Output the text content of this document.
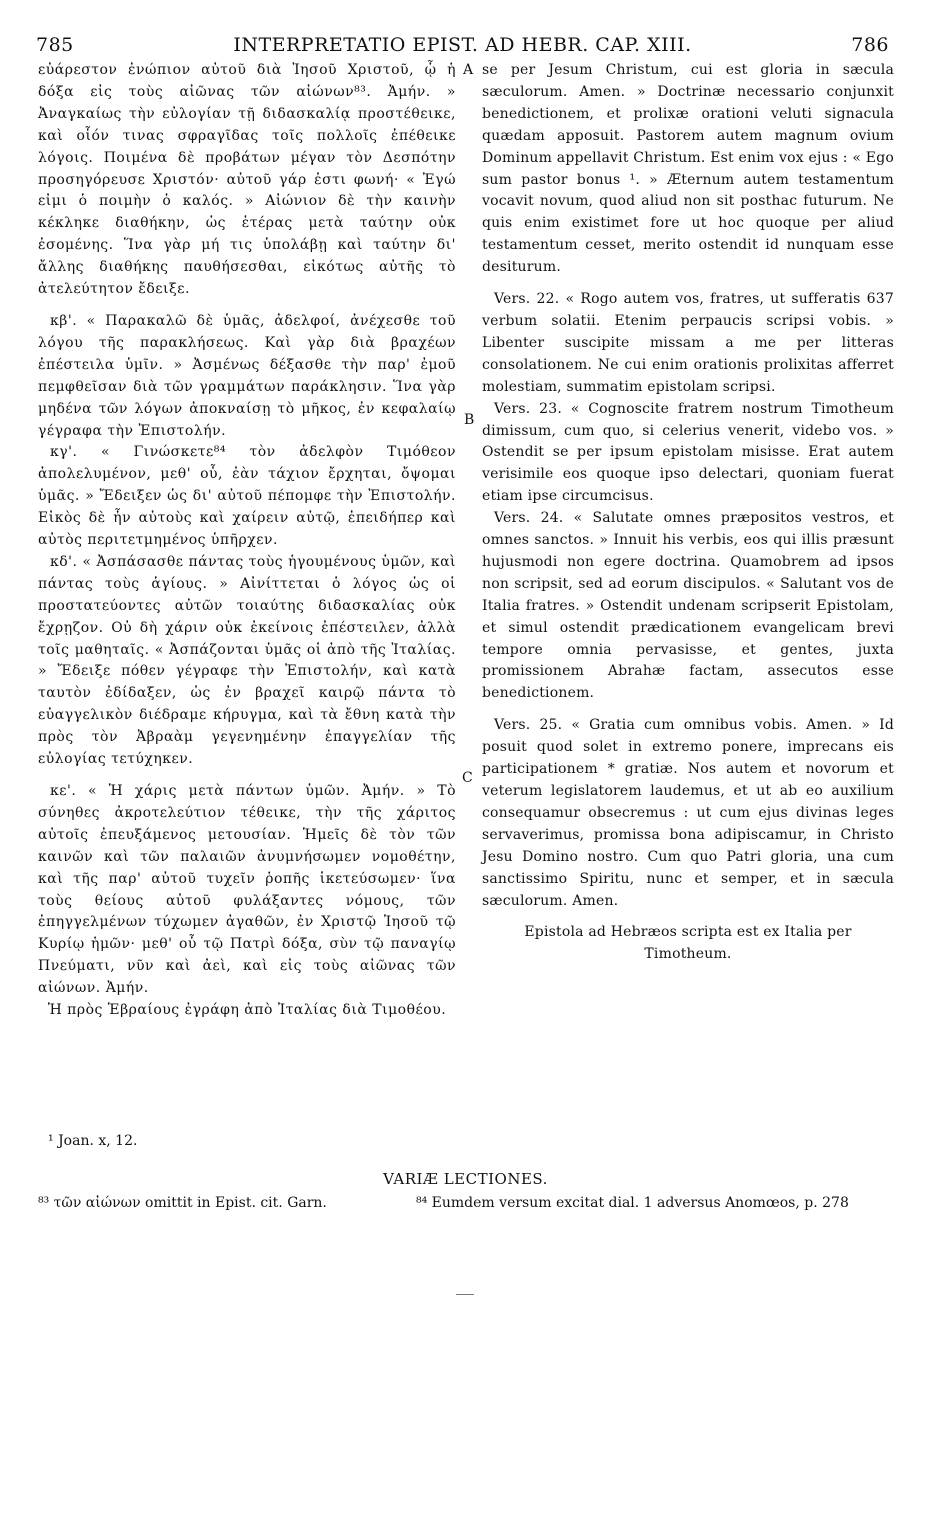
785	INTERPRETATIO EPIST. AD HEBR. CAP. XIII.	786

εὐάρεστον ἐνώπιον αὐτοῦ διὰ Ἰησοῦ Χριστοῦ, ᾧ ἡ δόξα εἰς τοὺς αἰῶνας τῶν αἰώνων⁸³. Ἀμήν. » Ἀναγκαίως τὴν εὐλογίαν τῇ διδασκαλίᾳ προστέθεικε, καὶ οἷόν τινας σφραγῖδας τοῖς πολλοῖς ἐπέθεικε λόγοις. Ποιμένα δὲ προβάτων μέγαν τὸν Δεσπότην προσηγόρευσε Χριστόν· αὐτοῦ γάρ ἐστι φωνή· « Ἐγώ εἰμι ὁ ποιμὴν ὁ καλός. » Αἰώνιον δὲ τὴν καινὴν κέκληκε διαθήκην, ὡς ἑτέρας μετὰ ταύτην οὐκ ἐσομένης. Ἵνα γὰρ μή τις ὑπολάβῃ καὶ ταύτην δι' ἄλλης διαθήκης παυθήσεσθαι, εἰκότως αὐτῆς τὸ ἀτελεύτητον ἔδειξε.

κβ'. « Παρακαλῶ δὲ ὑμᾶς, ἀδελφοί, ἀνέχεσθε τοῦ λόγου τῆς παρακλήσεως. Καὶ γὰρ διὰ βραχέων ἐπέστειλα ὑμῖν. » Ἀσμένως δέξασθε τὴν παρ' ἐμοῦ πεμφθεῖσαν διὰ τῶν γραμμάτων παράκλησιν. Ἵνα γὰρ μηδένα τῶν λόγων ἀποκναίσῃ τὸ μῆκος, ἐν κεφαλαίῳ γέγραφα τὴν Ἐπιστολήν.

κγ'. « Γινώσκετε⁸⁴ τὸν ἀδελφὸν Τιμόθεον ἀπολελυμένον, μεθ' οὗ, ἐὰν τάχιον ἔρχηται, ὄψομαι ὑμᾶς. » Ἔδειξεν ὡς δι' αὐτοῦ πέπομφε τὴν Ἐπιστολήν. Εἰκὸς δὲ ἦν αὐτοὺς καὶ χαίρειν αὐτῷ, ἐπειδήπερ καὶ αὐτὸς περιτετμημένος ὑπῆρχεν.

κδ'. « Ἀσπάσασθε πάντας τοὺς ἡγουμένους ὑμῶν, καὶ πάντας τοὺς ἁγίους. » Αἰνίττεται ὁ λόγος ὡς οἱ προστατεύοντες αὐτῶν τοιαύτης διδασκαλίας οὐκ ἔχρῃζον. Οὐ δὴ χάριν οὐκ ἐκείνοις ἐπέστειλεν, ἀλλὰ τοῖς μαθηταῖς. « Ἀσπάζονται ὑμᾶς οἱ ἀπὸ τῆς Ἰταλίας. » Ἔδειξε πόθεν γέγραφε τὴν Ἐπιστολήν, καὶ κατὰ ταυτὸν ἐδίδαξεν, ὡς ἐν βραχεῖ καιρῷ πάντα τὸ εὐαγγελικὸν διέδραμε κήρυγμα, καὶ τὰ ἔθνη κατὰ τὴν πρὸς τὸν Ἀβραὰμ γεγενημένην ἐπαγγελίαν τῆς εὐλογίας τετύχηκεν.

κε'. « Ἡ χάρις μετὰ πάντων ὑμῶν. Ἀμήν. » Τὸ σύνηθες ἀκροτελεύτιον τέθεικε, τὴν τῆς χάριτος αὐτοῖς ἐπευξάμενος μετουσίαν. Ἡμεῖς δὲ τὸν τῶν καινῶν καὶ τῶν παλαιῶν ἀνυμνήσωμεν νομοθέτην, καὶ τῆς παρ' αὐτοῦ τυχεῖν ῥοπῆς ἱκετεύσωμεν· ἵνα τοὺς θείους αὐτοῦ φυλάξαντες νόμους, τῶν ἐπηγγελμένων τύχωμεν ἀγαθῶν, ἐν Χριστῷ Ἰησοῦ τῷ Κυρίῳ ἡμῶν· μεθ' οὗ τῷ Πατρὶ δόξα, σὺν τῷ παναγίῳ Πνεύματι, νῦν καὶ ἀεὶ, καὶ εἰς τοὺς αἰῶνας τῶν αἰώνων. Ἀμήν.

Ἡ πρὸς Ἑβραίους ἐγράφη ἀπὸ Ἰταλίας διὰ Τιμοθέου.

se per Jesum Christum, cui est gloria in sæcula sæculorum. Amen. » Doctrinæ necessario conjunxit benedictionem, et prolixæ orationi veluti signacula quædam apposuit. Pastorem autem magnum ovium Dominum appellavit Christum. Est enim vox ejus : « Ego sum pastor bonus ¹. » Æternum autem testamentum vocavit novum, quod aliud non sit posthac futurum. Ne quis enim existimet fore ut hoc quoque per aliud testamentum cesset, merito ostendit id nunquam esse desiturum.

Vers. 22. « Rogo autem vos, fratres, ut sufferatis 637 verbum solatii. Etenim perpaucis scripsi vobis. » Libenter suscipite missam a me per litteras consolationem. Ne cui enim orationis prolixitas afferret molestiam, summatim epistolam scripsi.

Vers. 23. « Cognoscite fratrem nostrum Timotheum dimissum, cum quo, si celerius venerit, videbo vos. » Ostendit se per ipsum epistolam misisse. Erat autem verisimile eos quoque ipso delectari, quoniam fuerat etiam ipse circumcisus.

Vers. 24. « Salutate omnes præpositos vestros, et omnes sanctos. » Innuit his verbis, eos qui illis præsunt hujusmodi non egere doctrina. Quamobrem ad ipsos non scripsit, sed ad eorum discipulos. « Salutant vos de Italia fratres. » Ostendit undenam scripserit Epistolam, et simul ostendit prædicationem evangelicam brevi tempore omnia pervasisse, et gentes, juxta promissionem Abrahæ factam, assecutos esse benedictionem.

Vers. 25. « Gratia cum omnibus vobis. Amen. » Id posuit quod solet in extremo ponere, imprecans eis participationem * gratiæ. Nos autem et novorum et veterum legislatorem laudemus, et ut ab eo auxilium consequamur obsecremus : ut cum ejus divinas leges servaverimus, promissa bona adipiscamur, in Christo Jesu Domino nostro. Cum quo Patri gloria, una cum sanctissimo Spiritu, nunc et semper, et in sæcula sæculorum. Amen.

Epistola ad Hebræos scripta est ex Italia per Timotheum.

A
B
C
¹ Joan. x, 12.
VARIÆ LECTIONES.
⁸³ τῶν αἰώνων omittit in Epist. cit. Garn.	⁸⁴ Eumdem versum excitat dial. 1 adversus Anomœos, p. 278
